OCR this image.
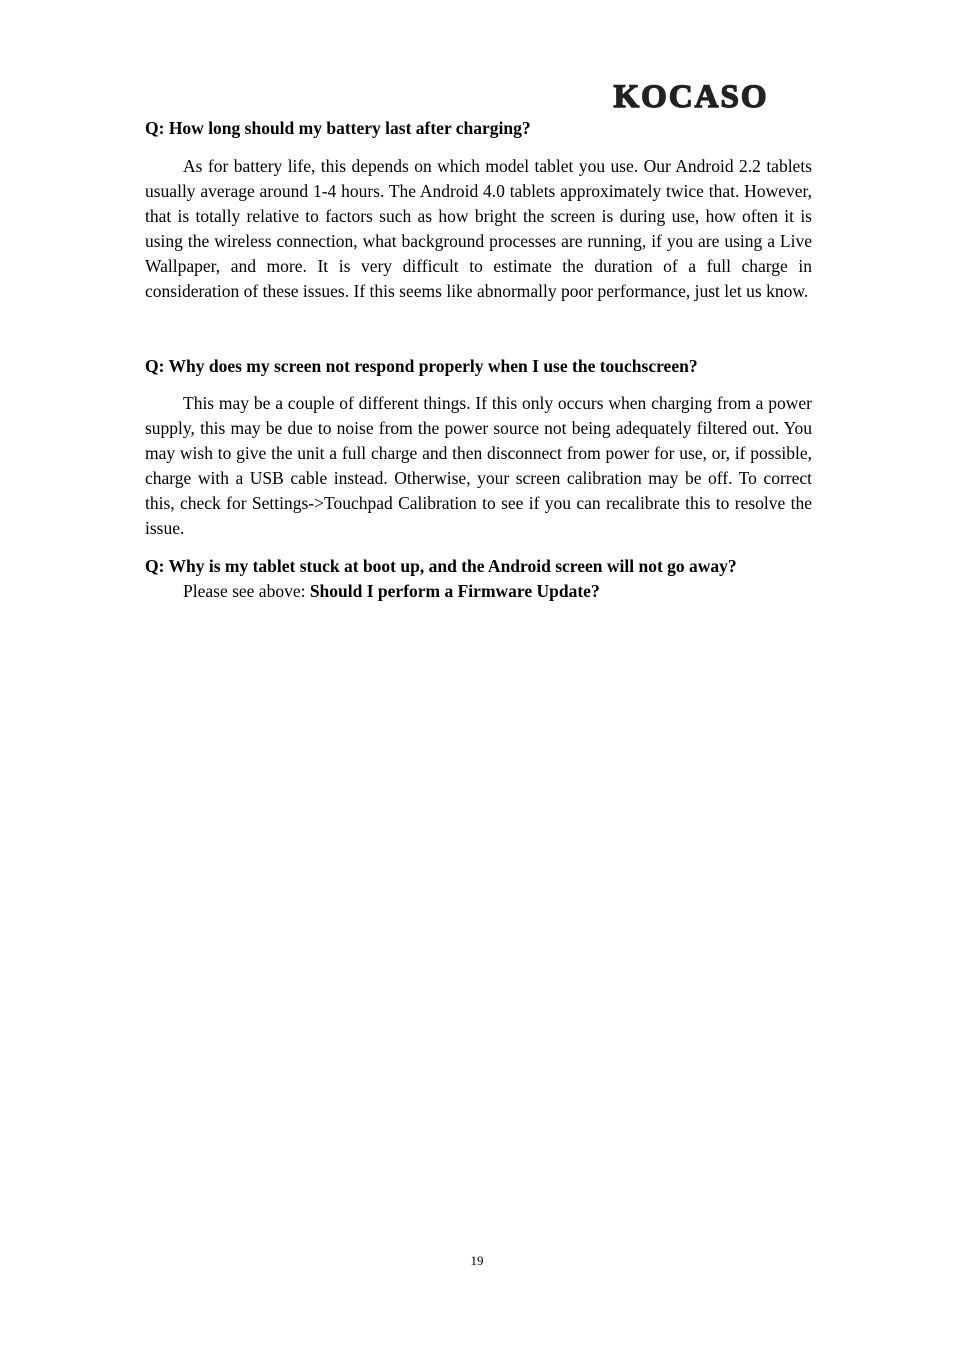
KOCASO

Q: How long should my battery last after charging?

As for battery life, this depends on which model tablet you use. Our Android 2.2 tablets usually average around 1-4 hours. The Android 4.0 tablets approximately twice that. However, that is totally relative to factors such as how bright the screen is during use, how often it is using the wireless connection, what background processes are running, if you are using a Live Wallpaper, and more. It is very difficult to estimate the duration of a full charge in consideration of these issues. If this seems like abnormally poor performance, just let us know.

Q: Why does my screen not respond properly when I use the touchscreen?

This may be a couple of different things. If this only occurs when charging from a power supply, this may be due to noise from the power source not being adequately filtered out. You may wish to give the unit a full charge and then disconnect from power for use, or, if possible, charge with a USB cable instead. Otherwise, your screen calibration may be off. To correct this, check for Settings->Touchpad Calibration to see if you can recalibrate this to resolve the issue.

Q: Why is my tablet stuck at boot up, and the Android screen will not go away?

Please see above: Should I perform a Firmware Update?

19
